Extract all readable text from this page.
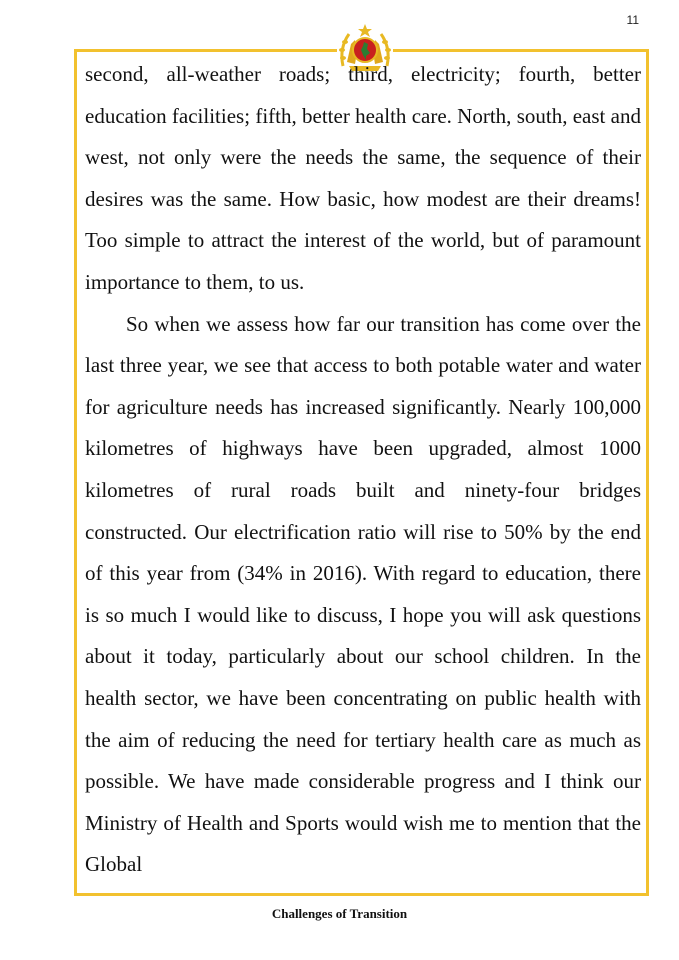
11

second, all-weather roads; third, electricity; fourth, better education facilities; fifth, better health care. North, south, east and west, not only were the needs the same, the sequence of their desires was the same. How basic, how modest are their dreams! Too simple to attract the interest of the world, but of paramount importance to them, to us.

So when we assess how far our transition has come over the last three year, we see that access to both potable water and water for agriculture needs has increased significantly. Nearly 100,000 kilometres of highways have been upgraded, almost 1000 kilometres of rural roads built and ninety-four bridges constructed. Our electrification ratio will rise to 50% by the end of this year from (34% in 2016). With regard to education, there is so much I would like to discuss, I hope you will ask questions about it today, particularly about our school children. In the health sector, we have been concentrating on public health with the aim of reducing the need for tertiary health care as much as possible. We have made considerable progress and I think our Ministry of Health and Sports would wish me to mention that the Global

Challenges of Transition
